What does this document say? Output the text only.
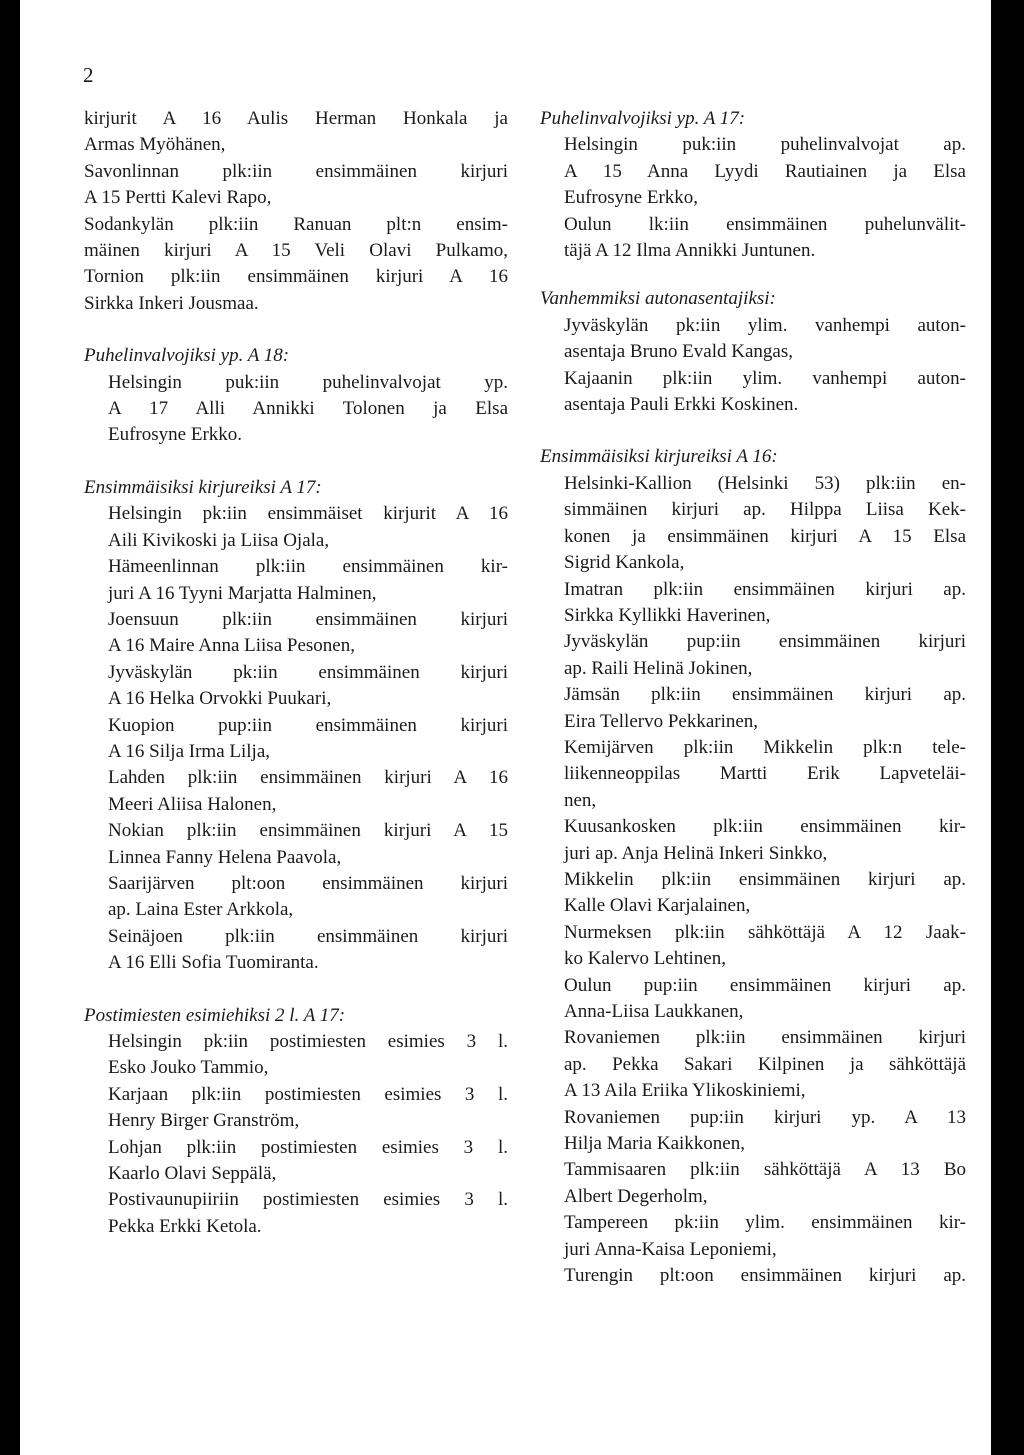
2
kirjurit A 16 Aulis Herman Honkala ja
Armas Myöhänen,
Savonlinnan plk:iin ensimmäinen kirjuri
A 15 Pertti Kalevi Rapo,
Sodankylän plk:iin Ranuan plt:n ensim-
mäinen kirjuri A 15 Veli Olavi Pulkamo,
Tornion plk:iin ensimmäinen kirjuri A 16
Sirkka Inkeri Jousmaa.
Puhelinvalvojiksi yp. A 18:
Helsingin puk:iin puhelinvalvojat yp.
A 17 Alli Annikki Tolonen ja Elsa
Eufrosyne Erkko.
Ensimmäisiksi kirjureiksi A 17:
Helsingin pk:iin ensimmäiset kirjurit A 16
Aili Kivikoski ja Liisa Ojala,
Hämeenlinnan plk:iin ensimmäinen kir-
juri A 16 Tyyni Marjatta Halminen,
Joensuun plk:iin ensimmäinen kirjuri
A 16 Maire Anna Liisa Pesonen,
Jyväskylän pk:iin ensimmäinen kirjuri
A 16 Helka Orvokki Puukari,
Kuopion pup:iin ensimmäinen kirjuri
A 16 Silja Irma Lilja,
Lahden plk:iin ensimmäinen kirjuri A 16
Meeri Aliisa Halonen,
Nokian plk:iin ensimmäinen kirjuri A 15
Linnea Fanny Helena Paavola,
Saarijärven plt:oon ensimmäinen kirjuri
ap. Laina Ester Arkkola,
Seinäjoen plk:iin ensimmäinen kirjuri
A 16 Elli Sofia Tuomiranta.
Postimiesten esimiehiksi 2 l. A 17:
Helsingin pk:iin postimiesten esimies 3 l.
Esko Jouko Tammio,
Karjaan plk:iin postimiesten esimies 3 l.
Henry Birger Granström,
Lohjan plk:iin postimiesten esimies 3 l.
Kaarlo Olavi Seppälä,
Postivaunupiiriin postimiesten esimies 3 l.
Pekka Erkki Ketola.
Puhelinvalvojiksi yp. A 17:
Helsingin puk:iin puhelinvalvojat ap.
A 15 Anna Lyydi Rautiainen ja Elsa
Eufrosyne Erkko,
Oulun lk:iin ensimmäinen puhelunvälit-
täjä A 12 Ilma Annikki Juntunen.
Vanhemmiksi autonasentajiksi:
Jyväskylän pk:iin ylim. vanhempi auton-
asentaja Bruno Evald Kangas,
Kajaanin plk:iin ylim. vanhempi auton-
asentaja Pauli Erkki Koskinen.
Ensimmäisiksi kirjureiksi A 16:
Helsinki-Kallion (Helsinki 53) plk:iin en-
simmäinen kirjuri ap. Hilppa Liisa Kek-
konen ja ensimmäinen kirjuri A 15 Elsa
Sigrid Kankola,
Imatran plk:iin ensimmäinen kirjuri ap.
Sirkka Kyllikki Haverinen,
Jyväskylän pup:iin ensimmäinen kirjuri
ap. Raili Helinä Jokinen,
Jämsän plk:iin ensimmäinen kirjuri ap.
Eira Tellervo Pekkarinen,
Kemijärven plk:iin Mikkelin plk:n tele-
liikenneoppilas Martti Erik Lapveteläi-
nen,
Kuusankosken plk:iin ensimmäinen kir-
juri ap. Anja Helinä Inkeri Sinkko,
Mikkelin plk:iin ensimmäinen kirjuri ap.
Kalle Olavi Karjalainen,
Nurmeksen plk:iin sähköttäjä A 12 Jaak-
ko Kalervo Lehtinen,
Oulun pup:iin ensimmäinen kirjuri ap.
Anna-Liisa Laukkanen,
Rovaniemen plk:iin ensimmäinen kirjuri
ap. Pekka Sakari Kilpinen ja sähköttäjä
A 13 Aila Eriika Ylikoskiniemi,
Rovaniemen pup:iin kirjuri yp. A 13
Hilja Maria Kaikkonen,
Tammisaaren plk:iin sähköttäjä A 13 Bo
Albert Degerholm,
Tampereen pk:iin ylim. ensimmäinen kir-
juri Anna-Kaisa Leponiemi,
Turengin plt:oon ensimmäinen kirjuri ap.
